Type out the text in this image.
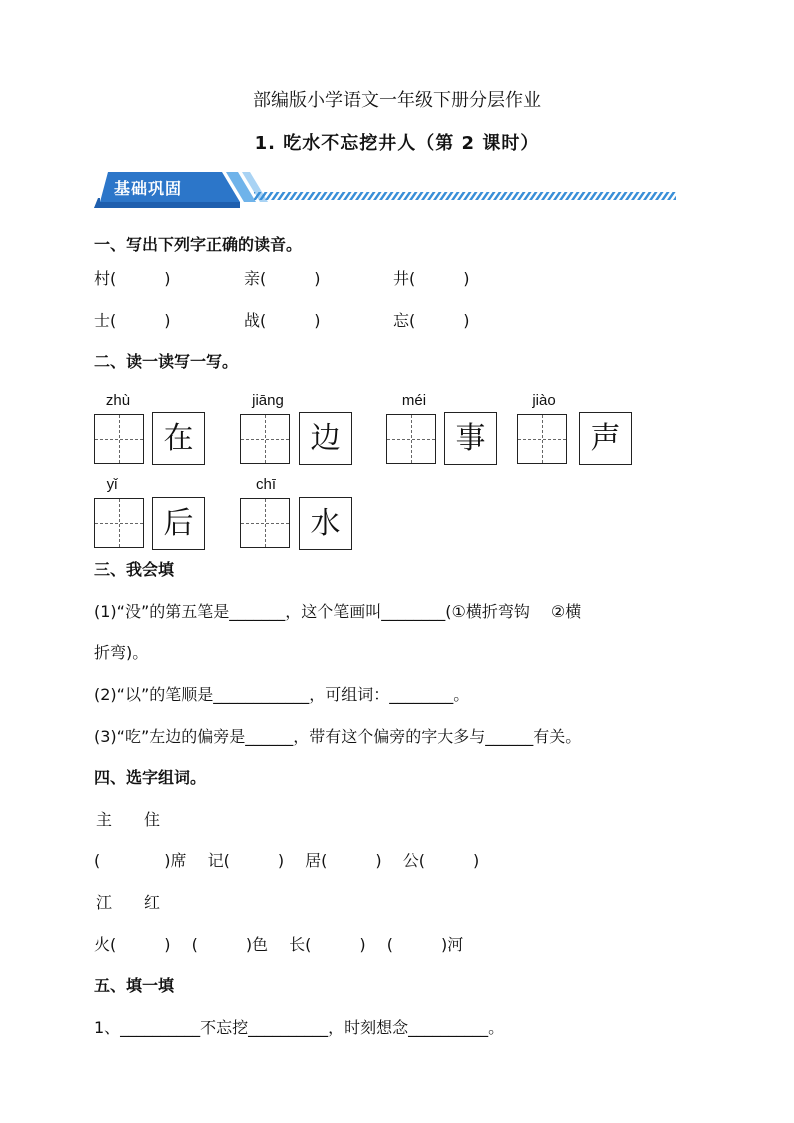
部编版小学语文一年级下册分层作业
1. 吃水不忘挖井人（第 2 课时）
基础巩固
一、写出下列字正确的读音。
村(　　　)	亲(　　　)	井(　　　)
士(　　　)	战(　　　)	忘(　　　)
二、读一读写一写。
zhù
在
jiāng
边
méi
事
jiào
声
yǐ
后
chī
水
三、我会填
(1)“没”的第五笔是_______，这个笔画叫________(①横折弯钩　 ②横
折弯)。
(2)“以”的笔顺是____________，可组词：________。
(3)“吃”左边的偏旁是______，带有这个偏旁的字大多与______有关。
四、选字组词。
主　　住
(　　　　)席　 记(　　　)　 居(　　　)　 公(　　　)
江　　红
火(　　　)　 (　　　)色　 长(　　　)　 (　　　)河
五、填一填
1、__________不忘挖__________，时刻想念__________。
